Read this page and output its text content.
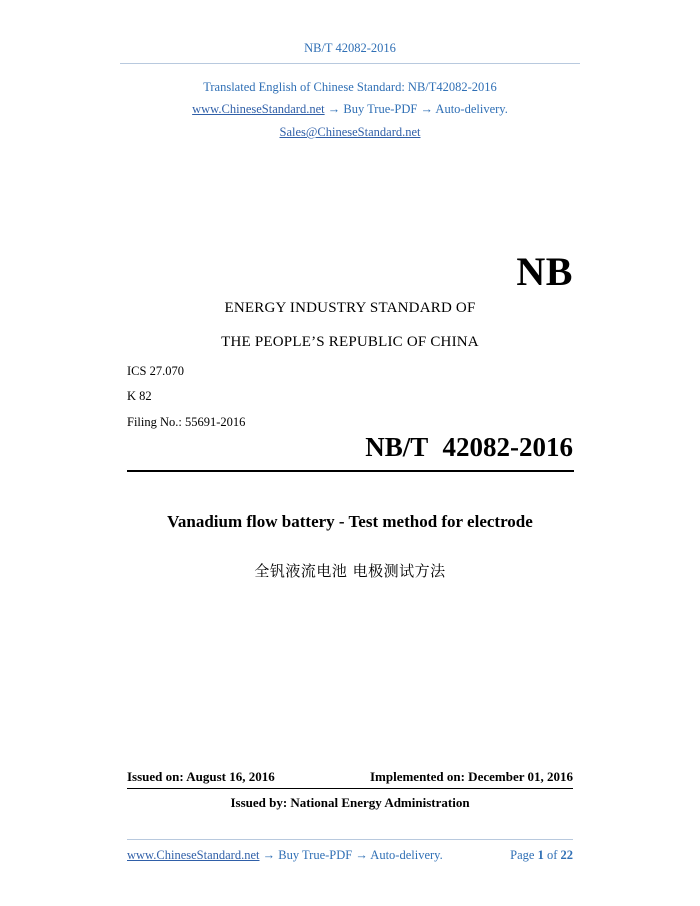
NB/T 42082-2016
Translated English of Chinese Standard: NB/T42082-2016
www.ChineseStandard.net → Buy True-PDF → Auto-delivery.
Sales@ChineseStandard.net
NB
ENERGY INDUSTRY STANDARD OF
THE PEOPLE’S REPUBLIC OF CHINA
ICS 27.070
K 82
Filing No.: 55691-2016
NB/T 42082-2016
Vanadium flow battery - Test method for electrode
全钒液流电池 电极测试方法
Issued on: August 16, 2016	Implemented on: December 01, 2016
Issued by: National Energy Administration
www.ChineseStandard.net → Buy True-PDF → Auto-delivery.	Page 1 of 22
